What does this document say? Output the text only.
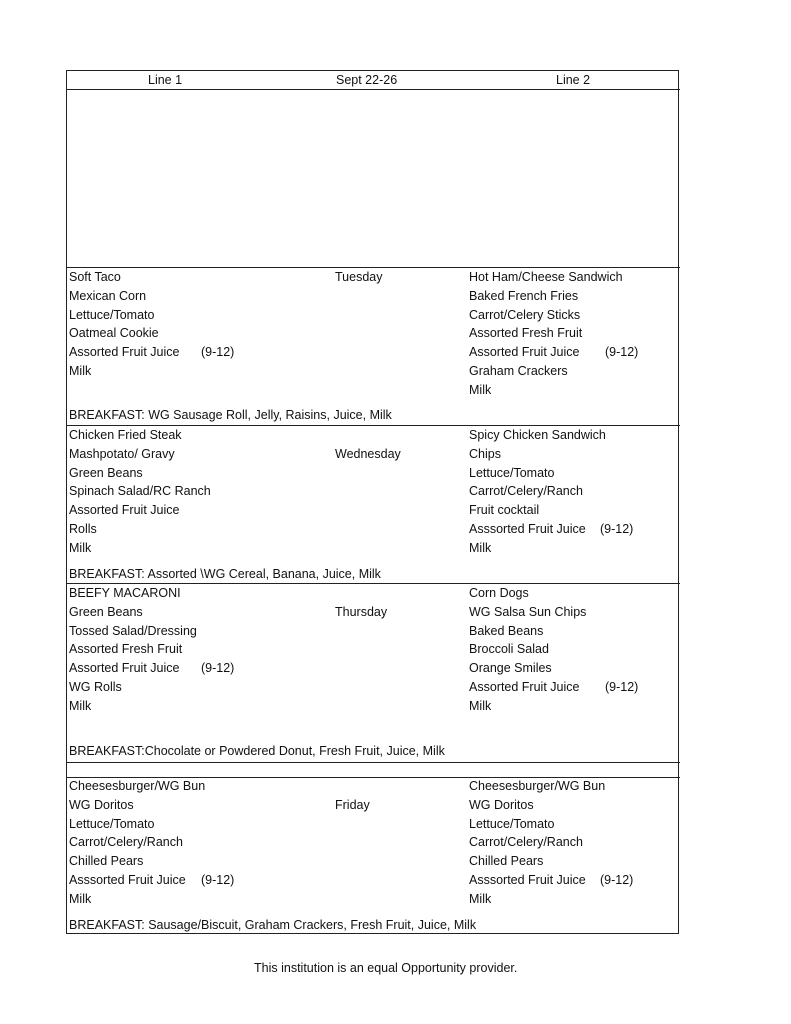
Line 1	Sept 22-26	Line 2
Tuesday
Soft Taco
Mexican Corn
Lettuce/Tomato
Oatmeal Cookie
Assorted Fruit Juice (9-12)
Milk
Hot Ham/Cheese Sandwich
Baked French Fries
Carrot/Celery Sticks
Assorted Fresh Fruit
Assorted Fruit Juice (9-12)
Graham Crackers
Milk
BREAKFAST: WG Sausage Roll, Jelly, Raisins, Juice, Milk
Wednesday
Chicken Fried Steak
Mashpotato/ Gravy
Green Beans
Spinach Salad/RC Ranch
Assorted Fruit Juice
Rolls
Milk
Spicy Chicken Sandwich
Chips
Lettuce/Tomato
Carrot/Celery/Ranch
Fruit cocktail
Asssorted Fruit Juice (9-12)
Milk
BREAKFAST: Assorted \WG Cereal, Banana, Juice, Milk
Thursday
BEEFY MACARONI
Green Beans
Tossed Salad/Dressing
Assorted Fresh Fruit
Assorted Fruit Juice (9-12)
WG Rolls
Milk
Corn Dogs
WG Salsa Sun Chips
Baked Beans
Broccoli Salad
Orange Smiles
Assorted Fruit Juice (9-12)
Milk
BREAKFAST:Chocolate or Powdered Donut, Fresh Fruit, Juice, Milk
Friday
Cheesesburger/WG Bun
WG Doritos
Lettuce/Tomato
Carrot/Celery/Ranch
Chilled Pears
Asssorted Fruit Juice (9-12)
Milk
Cheesesburger/WG Bun
WG Doritos
Lettuce/Tomato
Carrot/Celery/Ranch
Chilled Pears
Asssorted Fruit Juice (9-12)
Milk
BREAKFAST: Sausage/Biscuit, Graham Crackers, Fresh Fruit, Juice, Milk
This institution is an equal Opportunity provider.
